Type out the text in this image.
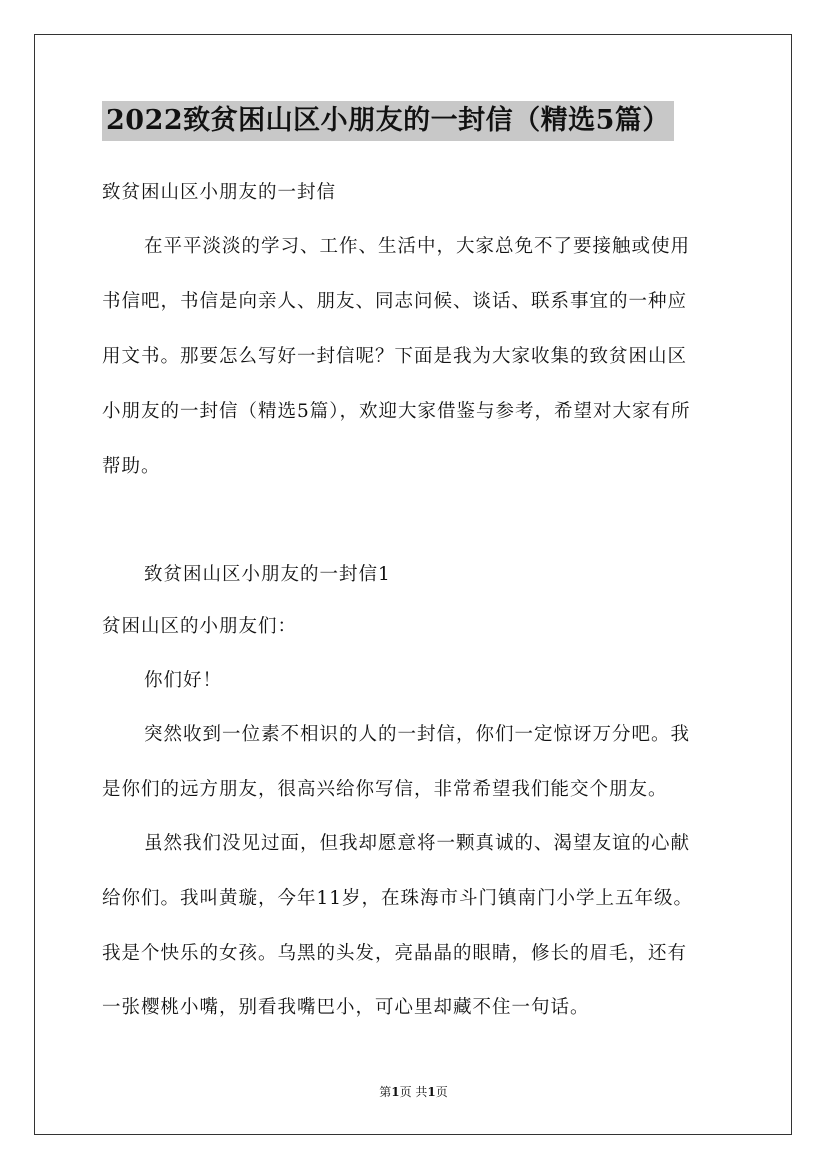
2022致贫困山区小朋友的一封信（精选5篇）
致贫困山区小朋友的一封信
在平平淡淡的学习、工作、生活中，大家总免不了要接触或使用
书信吧，书信是向亲人、朋友、同志问候、谈话、联系事宜的一种应
用文书。那要怎么写好一封信呢？下面是我为大家收集的致贫困山区
小朋友的一封信（精选5篇），欢迎大家借鉴与参考，希望对大家有所
帮助。
致贫困山区小朋友的一封信1
贫困山区的小朋友们：
你们好！
突然收到一位素不相识的人的一封信，你们一定惊讶万分吧。我
是你们的远方朋友，很高兴给你写信，非常希望我们能交个朋友。
虽然我们没见过面，但我却愿意将一颗真诚的、渴望友谊的心献
给你们。我叫黄璇，今年11岁，在珠海市斗门镇南门小学上五年级。
我是个快乐的女孩。乌黑的头发，亮晶晶的眼睛，修长的眉毛，还有
一张樱桃小嘴，别看我嘴巴小，可心里却藏不住一句话。
第1页 共1页
